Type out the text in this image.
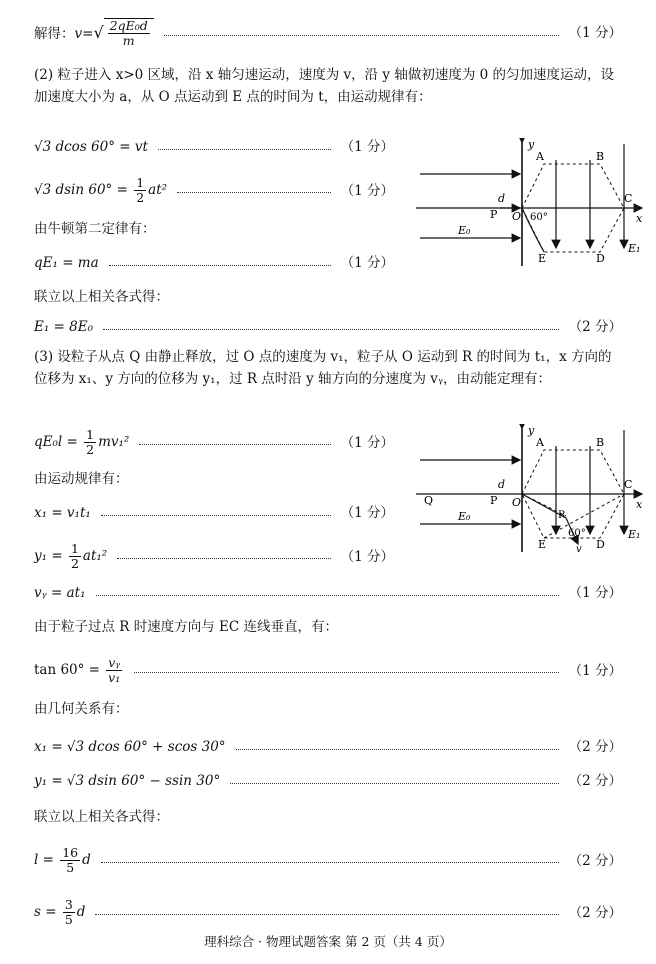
解得：v= √ $\frac{\text{2qE₀d}}{m}$	（1 分）
(2) 粒子进入 x>0 区域，沿 x 轴匀速运动，速度为 v，沿 y 轴做初速度为 0 的匀加速度运动，设加速度大小为 a，从 O 点运动到 E 点的时间为 t，由运动规律有：
y
x
A	B
C
D
E
O
P
d
60°
E₀
E₁
√3 dcos 60° = vt	（1 分）
√3 dsin $60^\circ = \frac{1}{2} at^2$	（1 分）
由牛顿第二定律有：
qE₁ = ma	（1 分）
联立以上相关各式得：
E₁ = 8E₀	（2 分）
(3) 设粒子从点 Q 由静止释放，过 O 点的速度为 v₁，粒子从 O 运动到 R 的时间为 t₁，x 方向的位移为 x₁、y 方向的位移为 y₁，过 R 点时沿 y 轴方向的分速度为 vᵧ，由动能定理有：
y
x
A	B
C
D
E
O
P
Q
d
R
60°
v
E₀
E₁
$qE_0l = \frac{1}{2} mv_1^2$	（1 分）
由运动规律有：
x₁ = v₁t₁	（1 分）
$y_1 = \frac{1}{2} at_1^2$	（1 分）
vᵧ = at₁	（1 分）
由于粒子过点 R 时速度方向与 EC 连线垂直，有：
$\tan 60^\circ = \frac{\text{vᵧ}}{\text{v₁}}$	（1 分）
由几何关系有：
x₁ = √3 dcos 60° + scos 30°	（2 分）
y₁ = √3 dsin 60° − ssin 30°	（2 分）
联立以上相关各式得：
$l = \frac{16}{5}$ d	（2 分）
$s = \frac{3}{5}$ d	（2 分）
理科综合 · 物理试题答案 第 2 页（共 4 页）
